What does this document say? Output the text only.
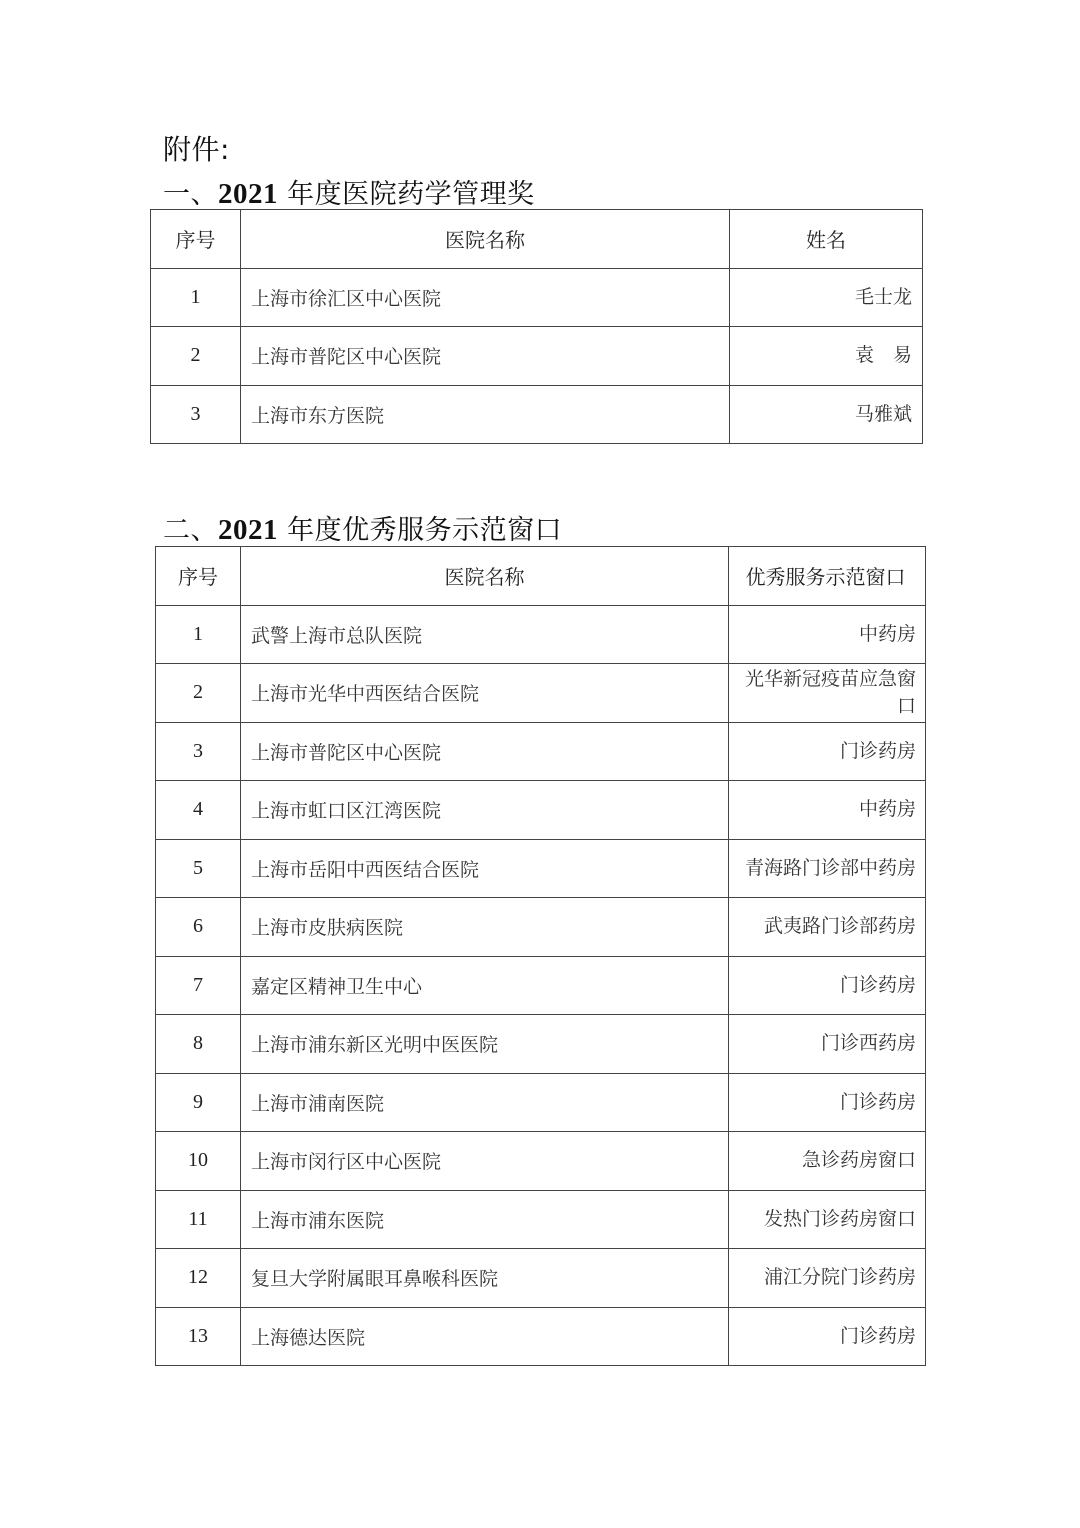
附件:
一、2021 年度医院药学管理奖
序号	医院名称	姓名
1	上海市徐汇区中心医院	毛士龙
2	上海市普陀区中心医院	袁　易
3	上海市东方医院	马雅斌
二、2021 年度优秀服务示范窗口
序号	医院名称	优秀服务示范窗口
1	武警上海市总队医院	中药房
2	上海市光华中西医结合医院	光华新冠疫苗应急窗口
3	上海市普陀区中心医院	门诊药房
4	上海市虹口区江湾医院	中药房
5	上海市岳阳中西医结合医院	青海路门诊部中药房
6	上海市皮肤病医院	武夷路门诊部药房
7	嘉定区精神卫生中心	门诊药房
8	上海市浦东新区光明中医医院	门诊西药房
9	上海市浦南医院	门诊药房
10	上海市闵行区中心医院	急诊药房窗口
11	上海市浦东医院	发热门诊药房窗口
12	复旦大学附属眼耳鼻喉科医院	浦江分院门诊药房
13	上海德达医院	门诊药房
